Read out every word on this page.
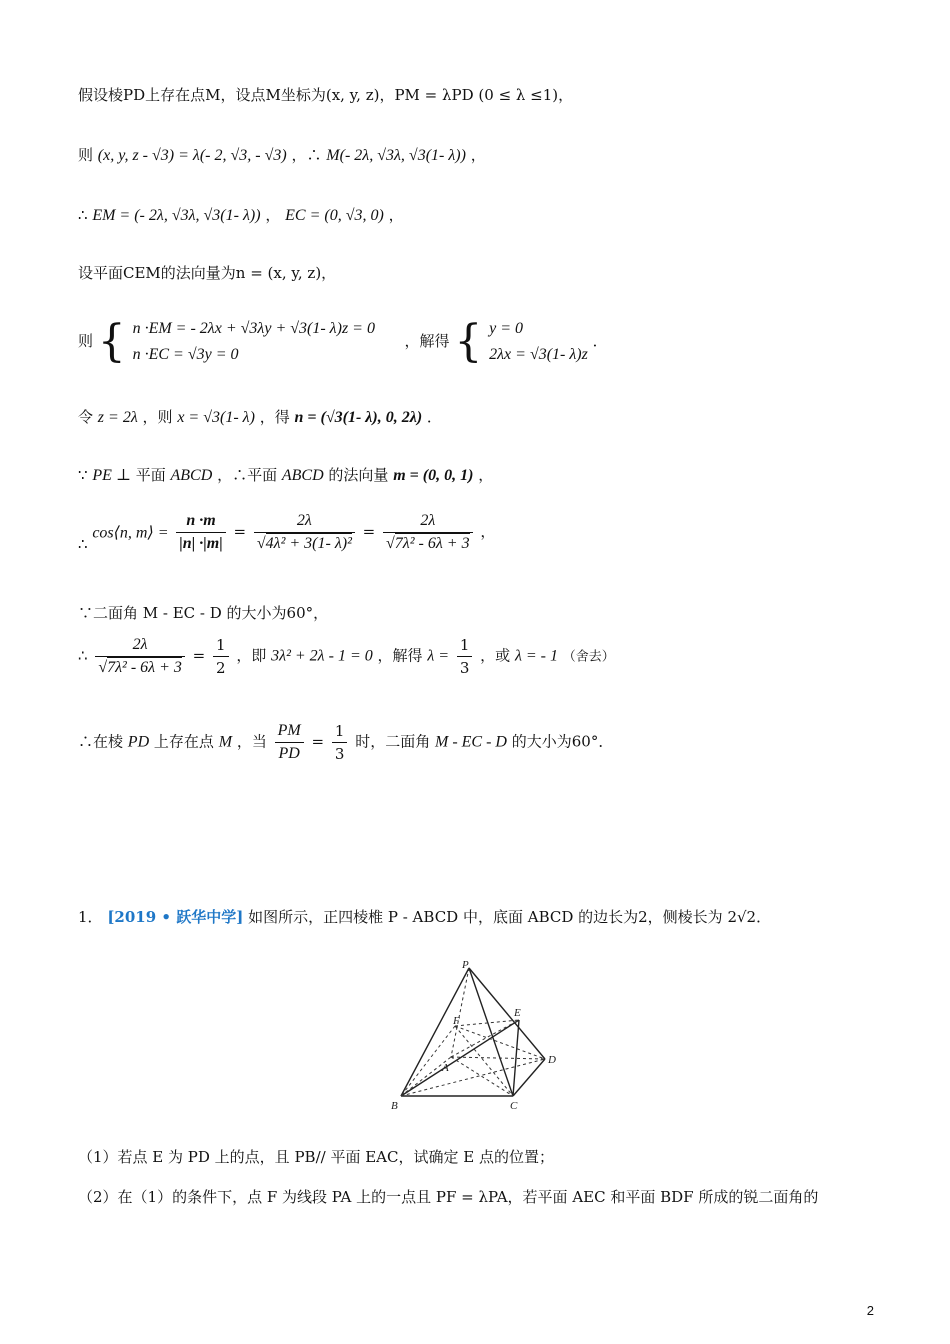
假设棱PD上存在点M，设点M坐标为(x, y, z)，PM = λPD (0 ≤ λ ≤1)，
则 (x, y, z - √3) = λ(- 2, √3, - √3) ，∴ M(- 2λ, √3λ, √3(1- λ)) ，
∴ EM = (- 2λ, √3λ, √3(1- λ)) ， EC = (0, √3, 0) ，
设平面CEM的法向量为n = (x, y, z)，
则 { n ·EM = - 2λx + √3λy + √3(1- λ)z = 0
n ·EC = √3y = 0
，解得 { y = 0
2λx = √3(1- λ)z
．
令 z = 2λ ，则 x = √3(1- λ) ，得 n = (√3(1- λ), 0, 2λ) ．
∵ PE ⊥ 平面 ABCD ，∴平面 ABCD 的法向量 m = (0, 0, 1) ，
∴ cos⟨n, m⟩ = $\frac{n \cdot m}{|n| \cdot|m|} = \frac{2\lambda}{\text{√4λ² + 3(1- λ)²}} = \frac{2\lambda}{\text{√7λ² - 6λ + 3}}$ ，
∵二面角 M - EC - D 的大小为60°，
∴ $\frac{2\lambda}{\text{√7λ² - 6λ + 3}} = \frac{1}{2}$ ，即 3λ² + 2λ - 1 = 0 ，解得 $\lambda = \frac{1}{3}$ ，或 λ = - 1 （舍去）
∴在棱 PD 上存在点 M ，当 $\frac{PM}{PD} = \frac{1}{3}$ 时，二面角 M - EC - D 的大小为60°．
1． [2019 • 跃华中学] 如图所示，正四棱椎 P - ABCD 中，底面 ABCD 的边长为2，侧棱长为 2√2．
P
E
F
D
A
B	C
（1）若点 E 为 PD 上的点，且 PB// 平面 EAC，试确定 E 点的位置；
（2）在（1）的条件下，点 F 为线段 PA 上的一点且 PF = λPA，若平面 AEC 和平面 BDF 所成的锐二面角的
2
